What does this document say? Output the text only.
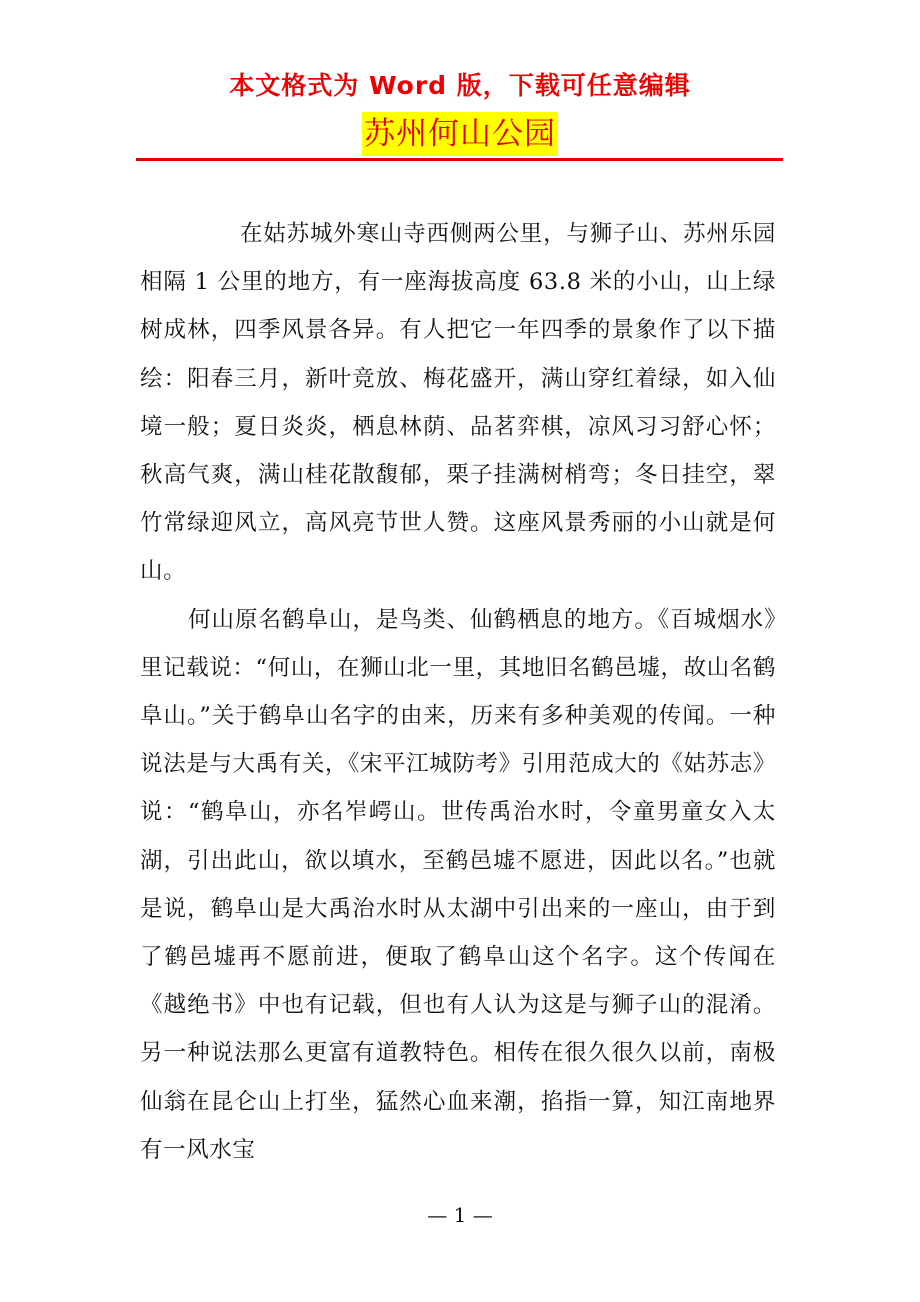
本文格式为 Word 版，下载可任意编辑
苏州何山公园

在姑苏城外寒山寺西侧两公里，与狮子山、苏州乐园相隔 1 公里的地方，有一座海拔高度 63.8 米的小山，山上绿树成林，四季风景各异。有人把它一年四季的景象作了以下描绘：阳春三月，新叶竞放、梅花盛开，满山穿红着绿，如入仙境一般；夏日炎炎，栖息林荫、品茗弈棋，凉风习习舒心怀；秋高气爽，满山桂花散馥郁，栗子挂满树梢弯；冬日挂空，翠竹常绿迎风立，高风亮节世人赞。这座风景秀丽的小山就是何山。

何山原名鹤阜山，是鸟类、仙鹤栖息的地方。《百城烟水》里记载说：“何山，在狮山北一里，其地旧名鹤邑墟，故山名鹤阜山。”关于鹤阜山名字的由来，历来有多种美观的传闻。一种说法是与大禹有关，《宋平江城防考》引用范成大的《姑苏志》说：“鹤阜山，亦名岝崿山。世传禹治水时，令童男童女入太湖，引出此山，欲以填水，至鹤邑墟不愿进，因此以名。”也就是说，鹤阜山是大禹治水时从太湖中引出来的一座山，由于到了鹤邑墟再不愿前进，便取了鹤阜山这个名字。这个传闻在《越绝书》中也有记载，但也有人认为这是与狮子山的混淆。另一种说法那么更富有道教特色。相传在很久很久以前，南极仙翁在昆仑山上打坐，猛然心血来潮，掐指一算，知江南地界有一风水宝

— 1 —
